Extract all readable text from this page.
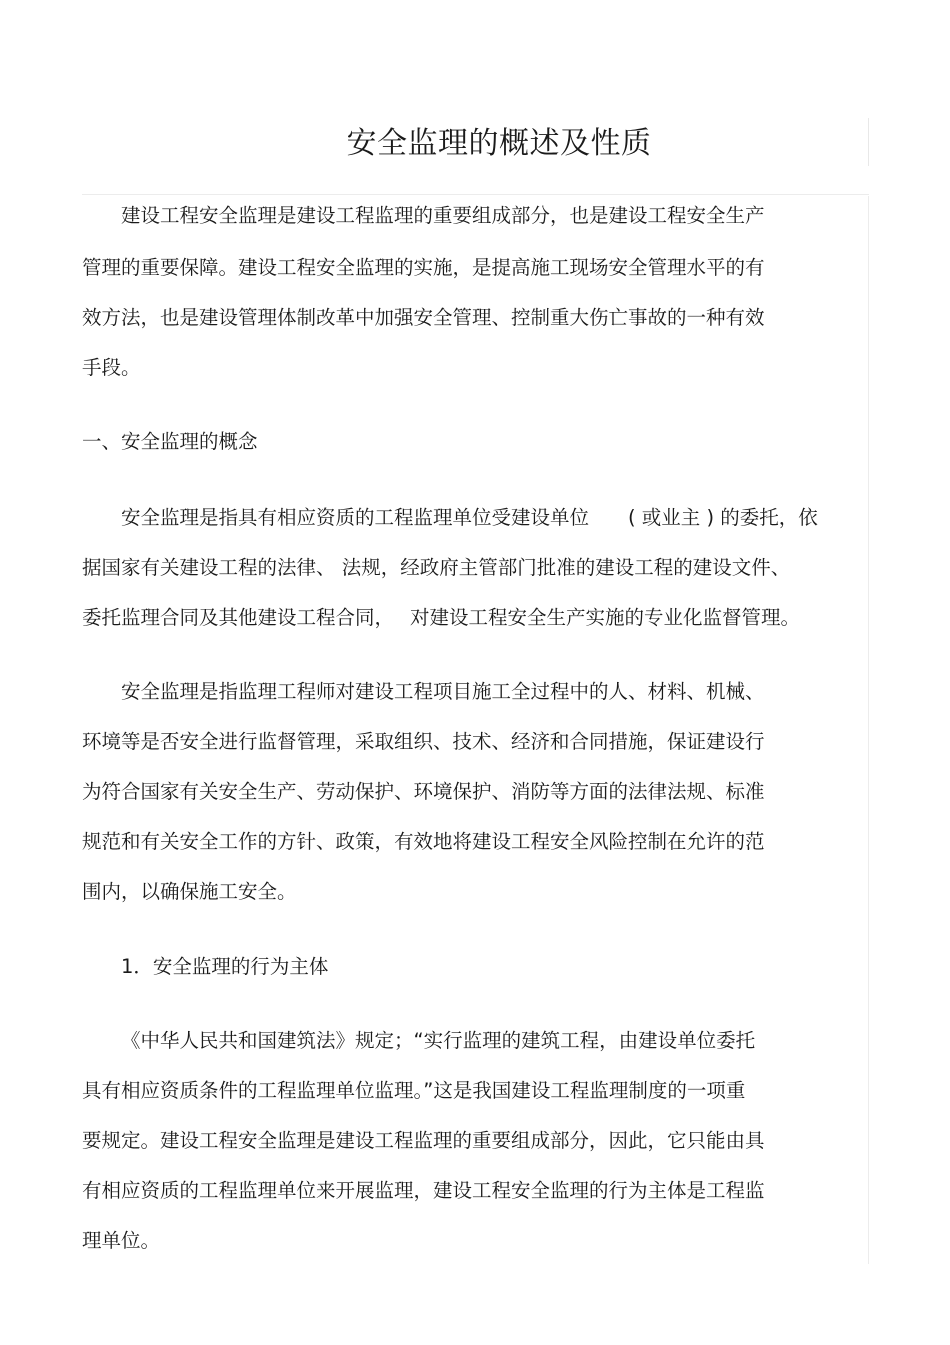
安全监理的概述及性质

建设工程安全监理是建设工程监理的重要组成部分，也是建设工程安全生产

管理的重要保障。建设工程安全监理的实施，是提高施工现场安全管理水平的有

效方法，也是建设管理体制改革中加强安全管理、控制重大伤亡事故的一种有效

手段。

一、安全监理的概念

安全监理是指具有相应资质的工程监理单位受建设单位　　( 或业主 ) 的委托，依

据国家有关建设工程的法律、 法规，经政府主管部门批准的建设工程的建设文件、

委托监理合同及其他建设工程合同，　 对建设工程安全生产实施的专业化监督管理。

安全监理是指监理工程师对建设工程项目施工全过程中的人、材料、机械、

环境等是否安全进行监督管理，采取组织、技术、经济和合同措施，保证建设行

为符合国家有关安全生产、劳动保护、环境保护、消防等方面的法律法规、标准

规范和有关安全工作的方针、政策，有效地将建设工程安全风险控制在允许的范

围内，以确保施工安全。

1．安全监理的行为主体

《中华人民共和国建筑法》规定；“实行监理的建筑工程，由建设单位委托

具有相应资质条件的工程监理单位监理。”这是我国建设工程监理制度的一项重

要规定。建设工程安全监理是建设工程监理的重要组成部分，因此，它只能由具

有相应资质的工程监理单位来开展监理，建设工程安全监理的行为主体是工程监

理单位。
